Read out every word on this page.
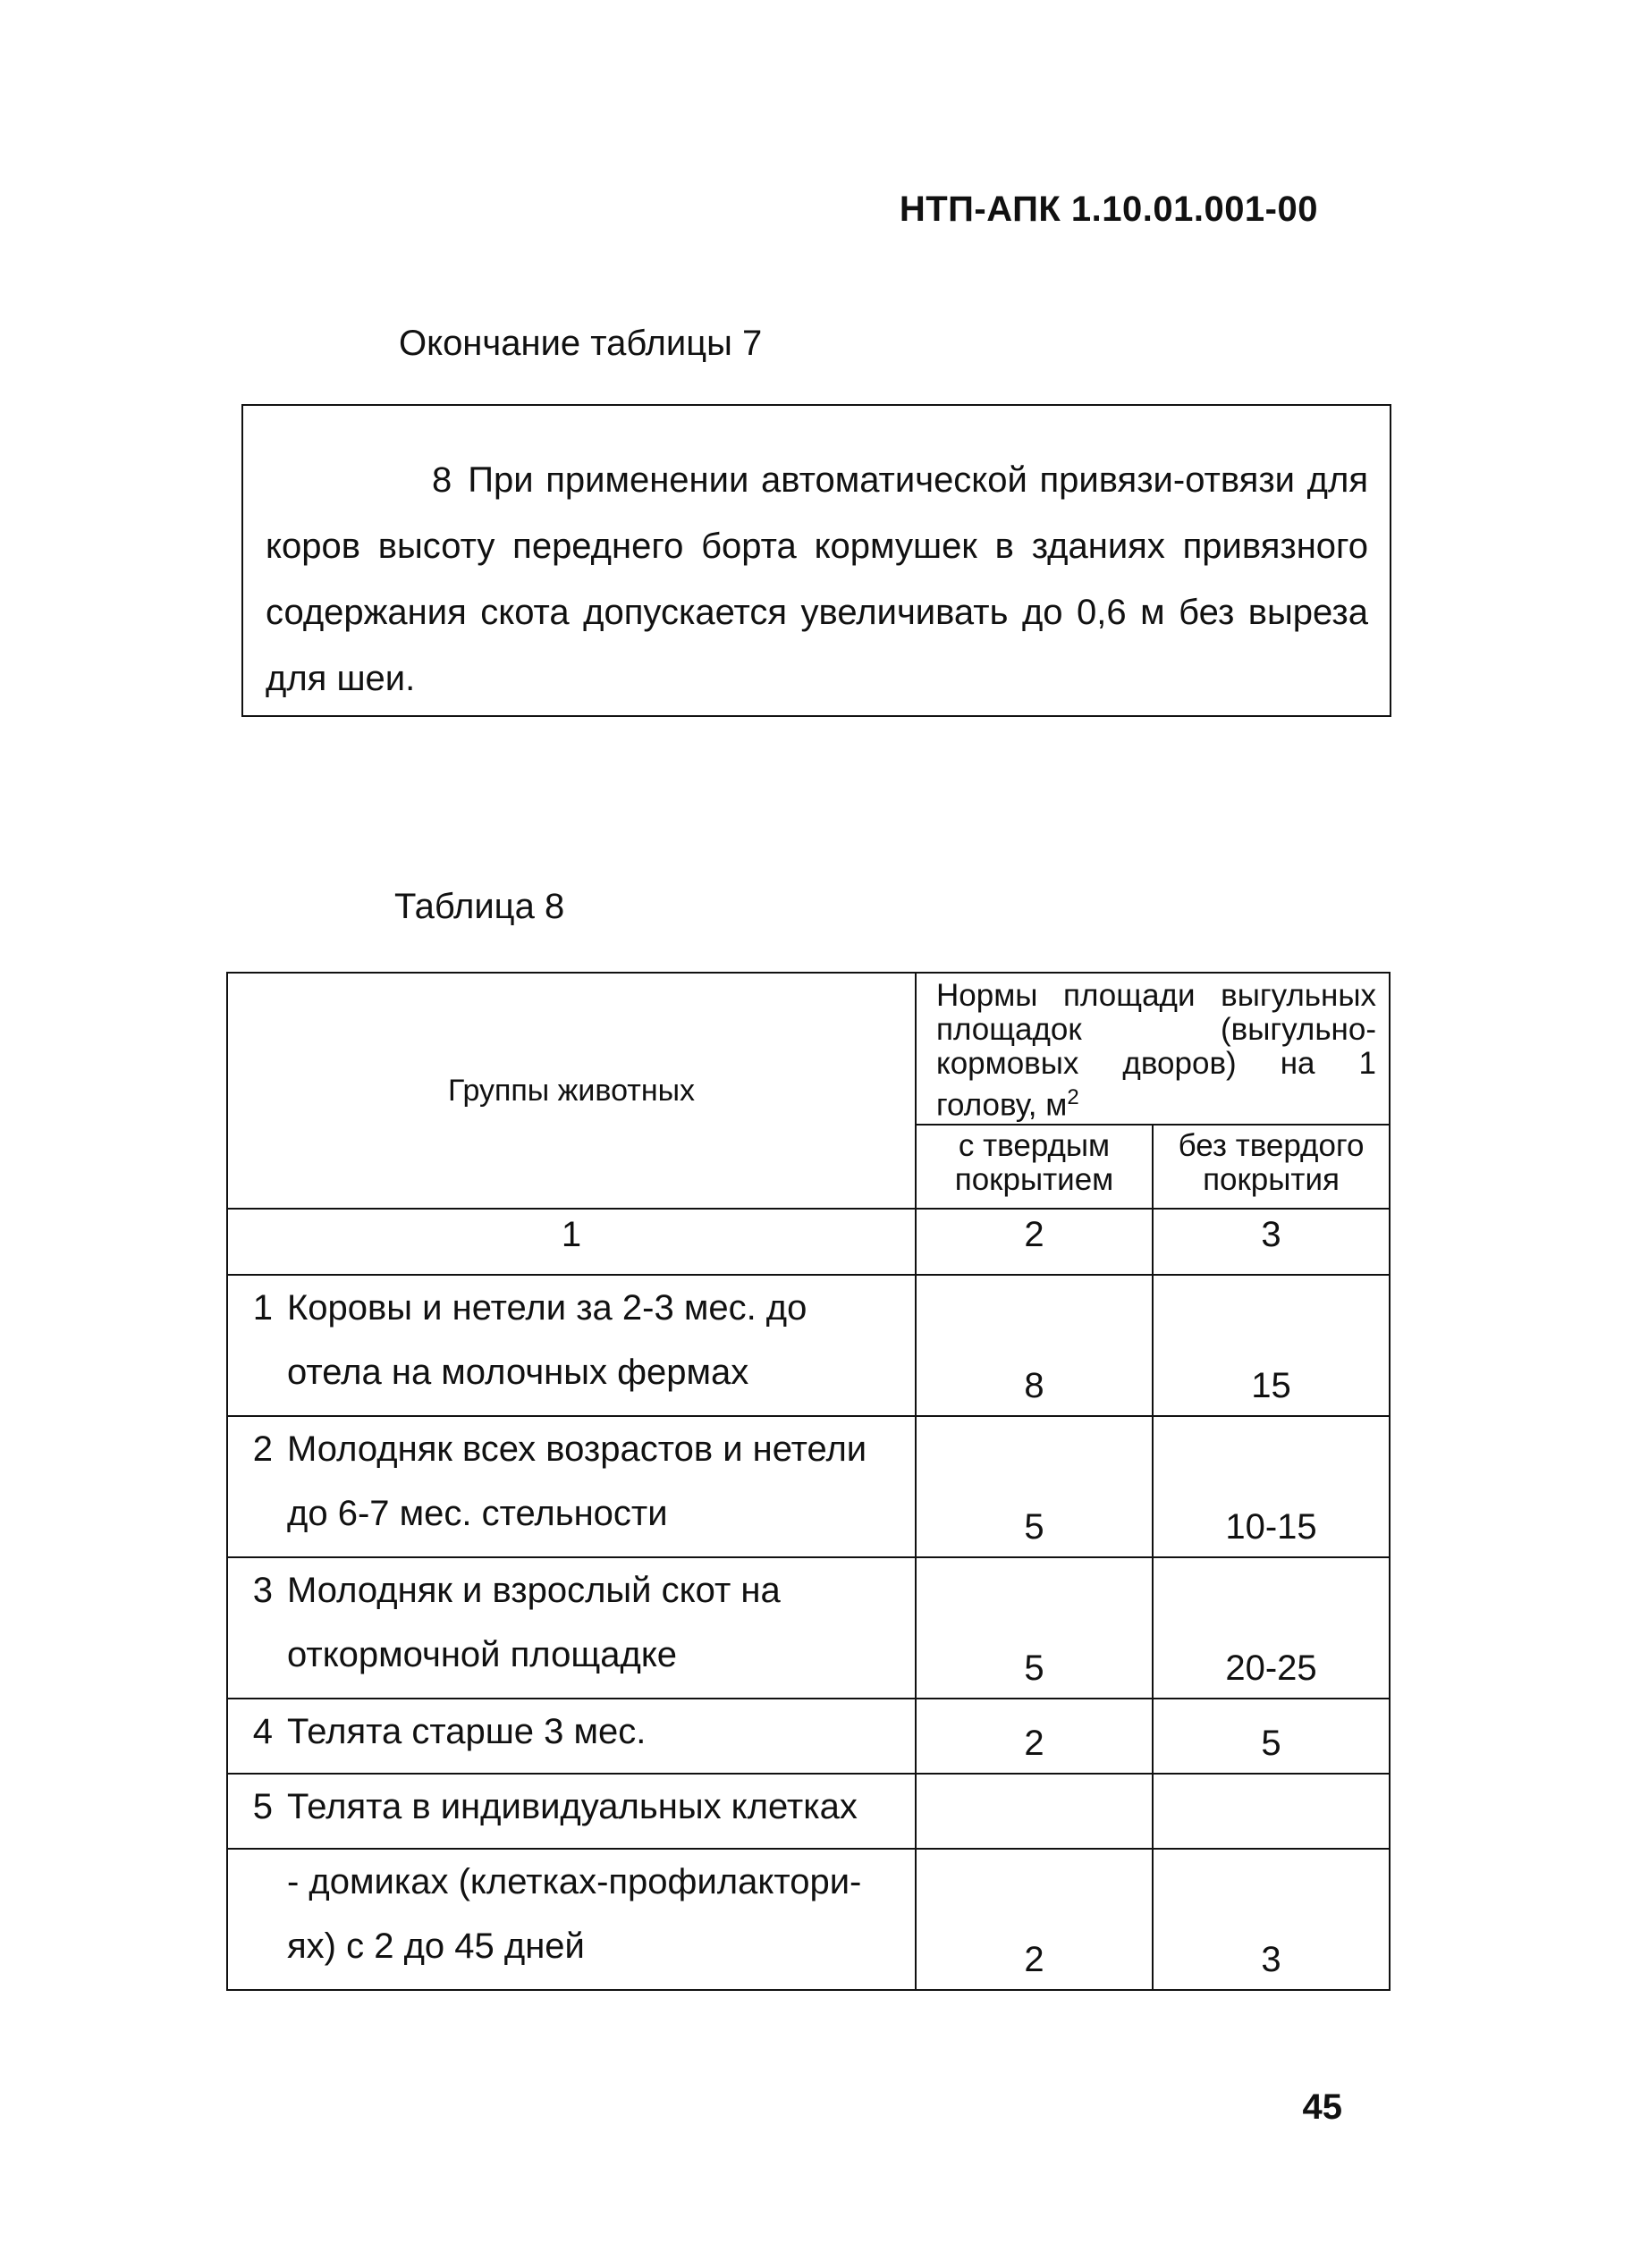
НТП-АПК 1.10.01.001-00
Окончание таблицы 7

8 При применении автоматической привязи-отвязи для коров высоту переднего борта кормушек в зданиях привязного содержания скота допускается увеличивать до 0,6 м без выреза для шеи.

Таблица 8
Группы животных	Нормы площади выгульных площадок (выгульно-кормовых дворов) на 1 голову, $м^2$
	с твердым покрытием	без твердого покрытия
1	2	3

1 Коровы и нетели за 2-3 мес. до отела на молочных фермах	8	15

2 Молодняк всех возрастов и нетели до 6-7 мес. стельности	5	10-15

3 Молодняк и взрослый скот на откормочной площадке	5	20-25

4 Телята старше 3 мес.	2	5

5 Телята в индивидуальных клетках		

- домиках (клетках-профилактори-ях) с 2 до 45 дней	2	3
45
